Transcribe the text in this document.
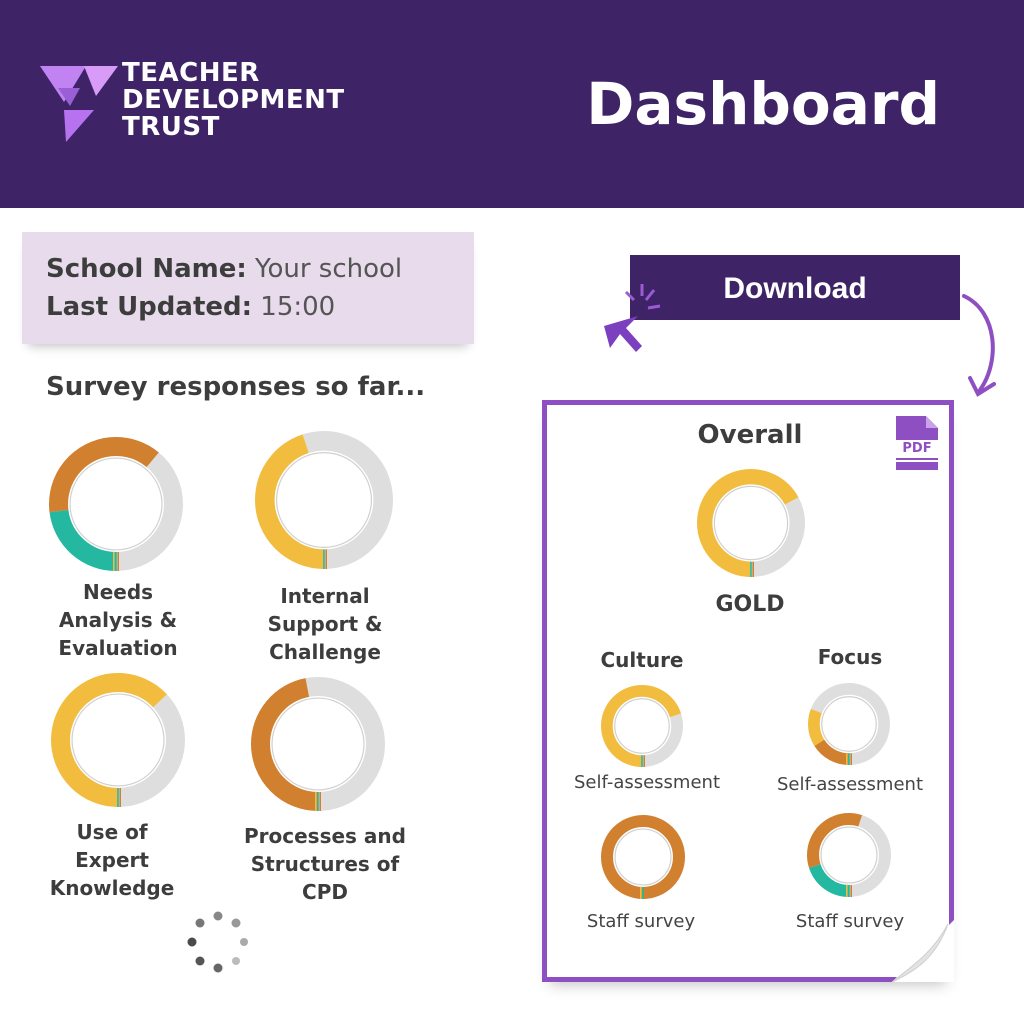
TEACHER
DEVELOPMENT
TRUST	Dashboard
School Name: Your school
Last Updated: 15:00
Survey responses so far...
Needs
Analysis &
Evaluation
Internal
Support &
Challenge
Use of
Expert
Knowledge
Processes and
Structures of
CPD
Download
PDF
Overall
GOLD
Culture	Focus
Self-assessment	Self-assessment
Staff survey	Staff survey
